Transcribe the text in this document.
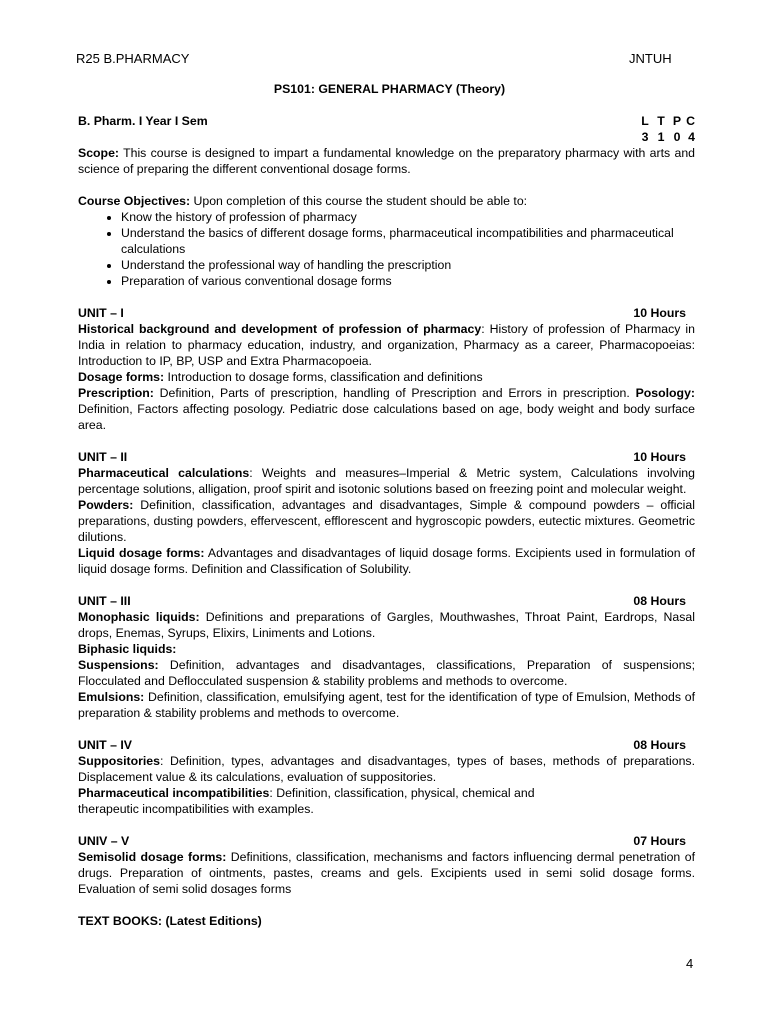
R25 B.PHARMACY	JNTUH
PS101: GENERAL PHARMACY (Theory)
B. Pharm. I Year I Sem	L T P C
3 1 0 4

Scope: This course is designed to impart a fundamental knowledge on the preparatory pharmacy with arts and science of preparing the different conventional dosage forms.

Course Objectives: Upon completion of this course the student should be able to:

• Know the history of profession of pharmacy
• Understand the basics of different dosage forms, pharmaceutical incompatibilities and pharmaceutical calculations
• Understand the professional way of handling the prescription
• Preparation of various conventional dosage forms
UNIT – I	10 Hours

Historical background and development of profession of pharmacy: History of profession of Pharmacy in India in relation to pharmacy education, industry, and organization, Pharmacy as a career, Pharmacopoeias: Introduction to IP, BP, USP and Extra Pharmacopoeia.

Dosage forms: Introduction to dosage forms, classification and definitions

Prescription: Definition, Parts of prescription, handling of Prescription and Errors in prescription. Posology: Definition, Factors affecting posology. Pediatric dose calculations based on age, body weight and body surface area.

UNIT – II	10 Hours

Pharmaceutical calculations: Weights and measures–Imperial & Metric system, Calculations involving percentage solutions, alligation, proof spirit and isotonic solutions based on freezing point and molecular weight.

Powders: Definition, classification, advantages and disadvantages, Simple & compound powders – official preparations, dusting powders, effervescent, efflorescent and hygroscopic powders, eutectic mixtures. Geometric dilutions.

Liquid dosage forms: Advantages and disadvantages of liquid dosage forms. Excipients used in formulation of liquid dosage forms. Definition and Classification of Solubility.

UNIT – III	08 Hours

Monophasic liquids: Definitions and preparations of Gargles, Mouthwashes, Throat Paint, Eardrops, Nasal drops, Enemas, Syrups, Elixirs, Liniments and Lotions.

Biphasic liquids:

Suspensions: Definition, advantages and disadvantages, classifications, Preparation of suspensions; Flocculated and Deflocculated suspension & stability problems and methods to overcome.

Emulsions: Definition, classification, emulsifying agent, test for the identification of type of Emulsion, Methods of preparation & stability problems and methods to overcome.

UNIT – IV	08 Hours

Suppositories: Definition, types, advantages and disadvantages, types of bases, methods of preparations. Displacement value & its calculations, evaluation of suppositories.

Pharmaceutical incompatibilities: Definition, classification, physical, chemical and

therapeutic incompatibilities with examples.

UNIV – V	07 Hours

Semisolid dosage forms: Definitions, classification, mechanisms and factors influencing dermal penetration of drugs. Preparation of ointments, pastes, creams and gels. Excipients used in semi solid dosage forms. Evaluation of semi solid dosages forms

TEXT BOOKS: (Latest Editions)

4
